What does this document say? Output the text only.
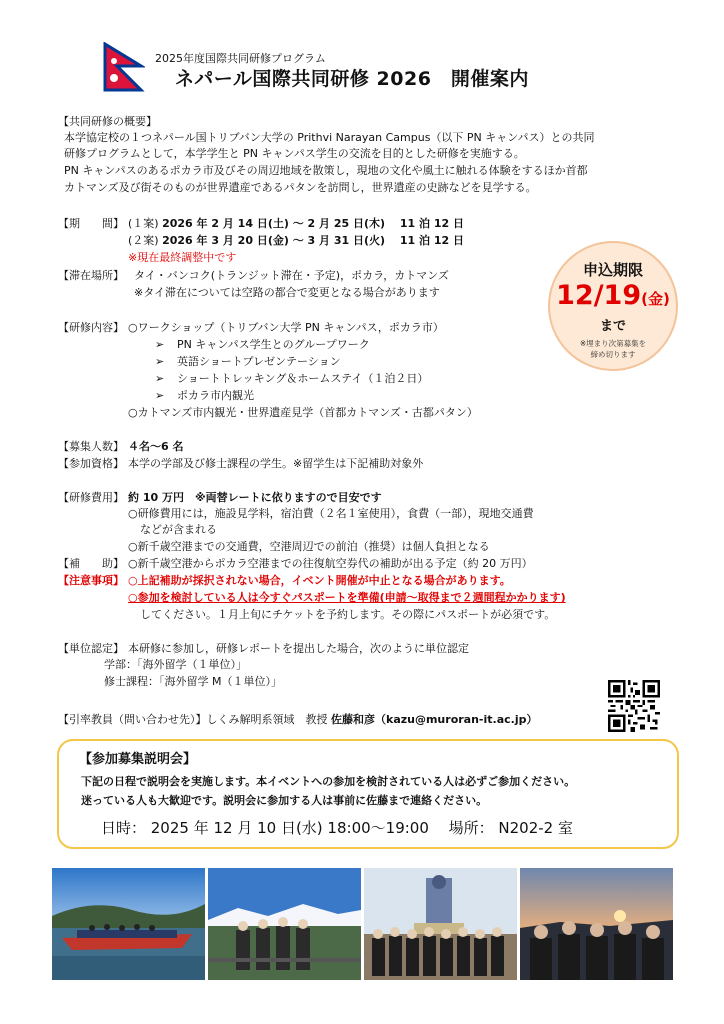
2025年度国際共同研修プログラム
ネパール国際共同研修 2026　開催案内
【共同研修の概要】
本学協定校の１つネパール国トリブバン大学の Prithvi Narayan Campus（以下 PN キャンパス）との共同
研修プログラムとして，本学学生と PN キャンパス学生の交流を目的とした研修を実施する。
PN キャンパスのあるポカラ市及びその周辺地域を散策し，現地の文化や風土に触れる体験をするほか首都
カトマンズ及び街そのものが世界遺産であるパタンを訪問し，世界遺産の史跡などを見学する。
【期　　間】 (１案) 2026 年 2 月 14 日(土) ～ 2 月 25 日(木)　 11 泊 12 日
(２案) 2026 年 3 月 20 日(金) ～ 3 月 31 日(火)　 11 泊 12 日
※現在最終調整中です
【滞在場所】 タイ・バンコク(トランジット滞在・予定)，ポカラ，カトマンズ
※タイ滞在については空路の都合で変更となる場合があります
【研修内容】 ○ワークショップ（トリブバン大学 PN キャンパス，ポカラ市）
➢ PN キャンパス学生とのグループワーク
➢ 英語ショートプレゼンテーション
➢ ショートトレッキング＆ホームステイ（１泊２日）
➢ ポカラ市内観光
○カトマンズ市内観光・世界遺産見学（首都カトマンズ・古都パタン）
【募集人数】 ４名～6 名
【参加資格】 本学の学部及び修士課程の学生。※留学生は下記補助対象外
【研修費用】 約 10 万円　※両替レートに依りますので目安です
○研修費用には，施設見学料，宿泊費（２名１室使用），食費（一部），現地交通費
などが含まれる
○新千歳空港までの交通費，空港周辺での前泊（推奨）は個人負担となる
【補　　助】 ○新千歳空港からポカラ空港までの往復航空券代の補助が出る予定（約 20 万円）
【注意事項】 ○上記補助が採択されない場合，イベント開催が中止となる場合があります。
○参加を検討している人は今すぐパスポートを準備(申請～取得まで２週間程かかります)
してください。１月上旬にチケットを予約します。その際にパスポートが必須です。
【単位認定】 本研修に参加し，研修レポートを提出した場合，次のように単位認定
学部：「海外留学（１単位）」
修士課程：「海外留学 M（１単位）」
【引率教員（問い合わせ先）】しくみ解明系領域　教授 佐藤和彦（kazu@muroran-it.ac.jp）
申込期限
12/19(金)
まで
※埋まり次第募集を
締め切ります
【参加募集説明会】
下記の日程で説明会を実施します。本イベントへの参加を検討されている人は必ずご参加ください。
迷っている人も大歓迎です。説明会に参加する人は事前に佐藤まで連絡ください。
日時： 2025 年 12 月 10 日(水) 18:00～19:00　 場所： N202-2 室
